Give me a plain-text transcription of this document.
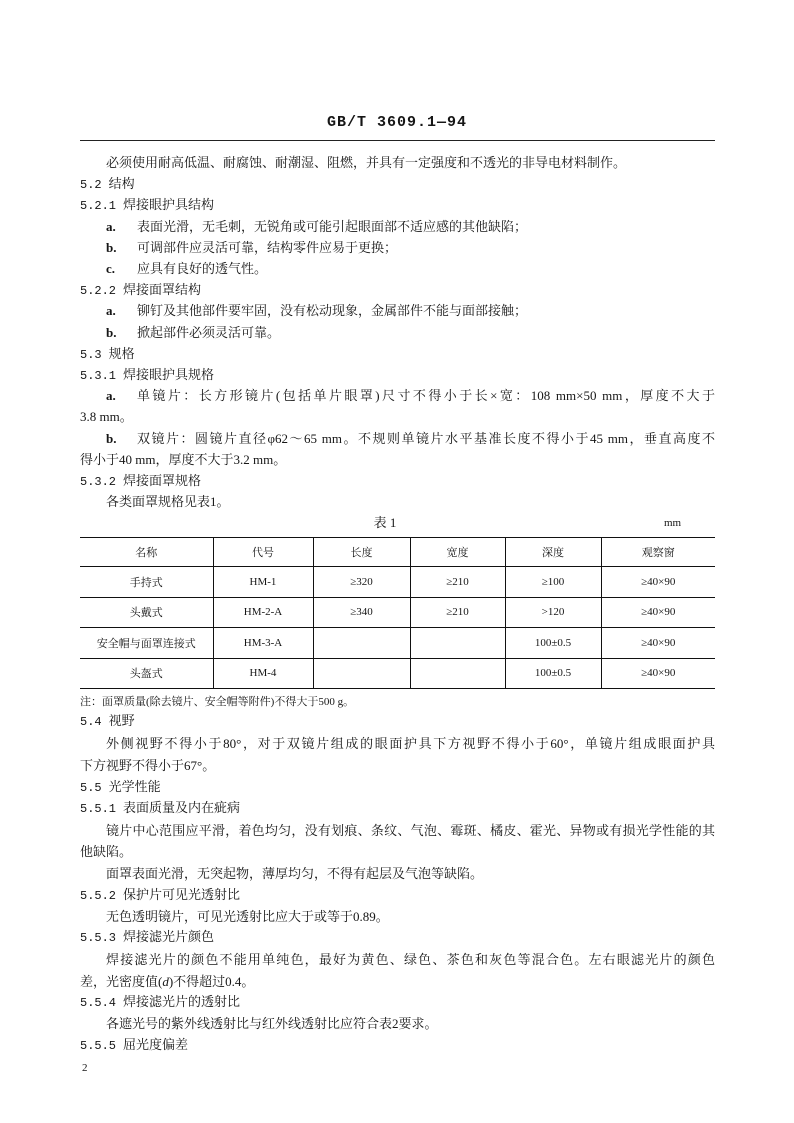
GB/T 3609.1—94
必须使用耐高低温、耐腐蚀、耐潮湿、阻燃，并具有一定强度和不透光的非导电材料制作。
5.2 结构
5.2.1 焊接眼护具结构
a. 表面光滑，无毛刺，无锐角或可能引起眼面部不适应感的其他缺陷；
b. 可调部件应灵活可靠，结构零件应易于更换；
c. 应具有良好的透气性。
5.2.2 焊接面罩结构
a. 铆钉及其他部件要牢固，没有松动现象，金属部件不能与面部接触；
b. 掀起部件必须灵活可靠。
5.3 规格
5.3.1 焊接眼护具规格
a. 单镜片：长方形镜片(包括单片眼罩)尺寸不得小于长×宽：108 mm×50 mm，厚度不大于
3.8 mm。
b. 双镜片：圆镜片直径φ62～65 mm。不规则单镜片水平基准长度不得小于45 mm，垂直高度不
得小于40 mm，厚度不大于3.2 mm。
5.3.2 焊接面罩规格
各类面罩规格见表1。
表 1	mm
名称	代号	长度	宽度	深度	观察窗
手持式	HM-1	≥320	≥210	≥100	≥40×90
头戴式	HM-2-A	≥340	≥210	>120	≥40×90
安全帽与面罩连接式	HM-3-A			100±0.5	≥40×90
头盔式	HM-4			100±0.5	≥40×90
注：面罩质量(除去镜片、安全帽等附件)不得大于500 g。
5.4 视野
外侧视野不得小于80°，对于双镜片组成的眼面护具下方视野不得小于60°，单镜片组成眼面护具
下方视野不得小于67°。
5.5 光学性能
5.5.1 表面质量及内在疵病
镜片中心范围应平滑，着色均匀，没有划痕、条纹、气泡、霉斑、橘皮、霍光、异物或有损光学性能的其
他缺陷。
面罩表面光滑，无突起物，薄厚均匀，不得有起层及气泡等缺陷。
5.5.2 保护片可见光透射比
无色透明镜片，可见光透射比应大于或等于0.89。
5.5.3 焊接滤光片颜色
焊接滤光片的颜色不能用单纯色，最好为黄色、绿色、茶色和灰色等混合色。左右眼滤光片的颜色
差，光密度值(d)不得超过0.4。
5.5.4 焊接滤光片的透射比
各遮光号的紫外线透射比与红外线透射比应符合表2要求。
5.5.5 屈光度偏差
2
